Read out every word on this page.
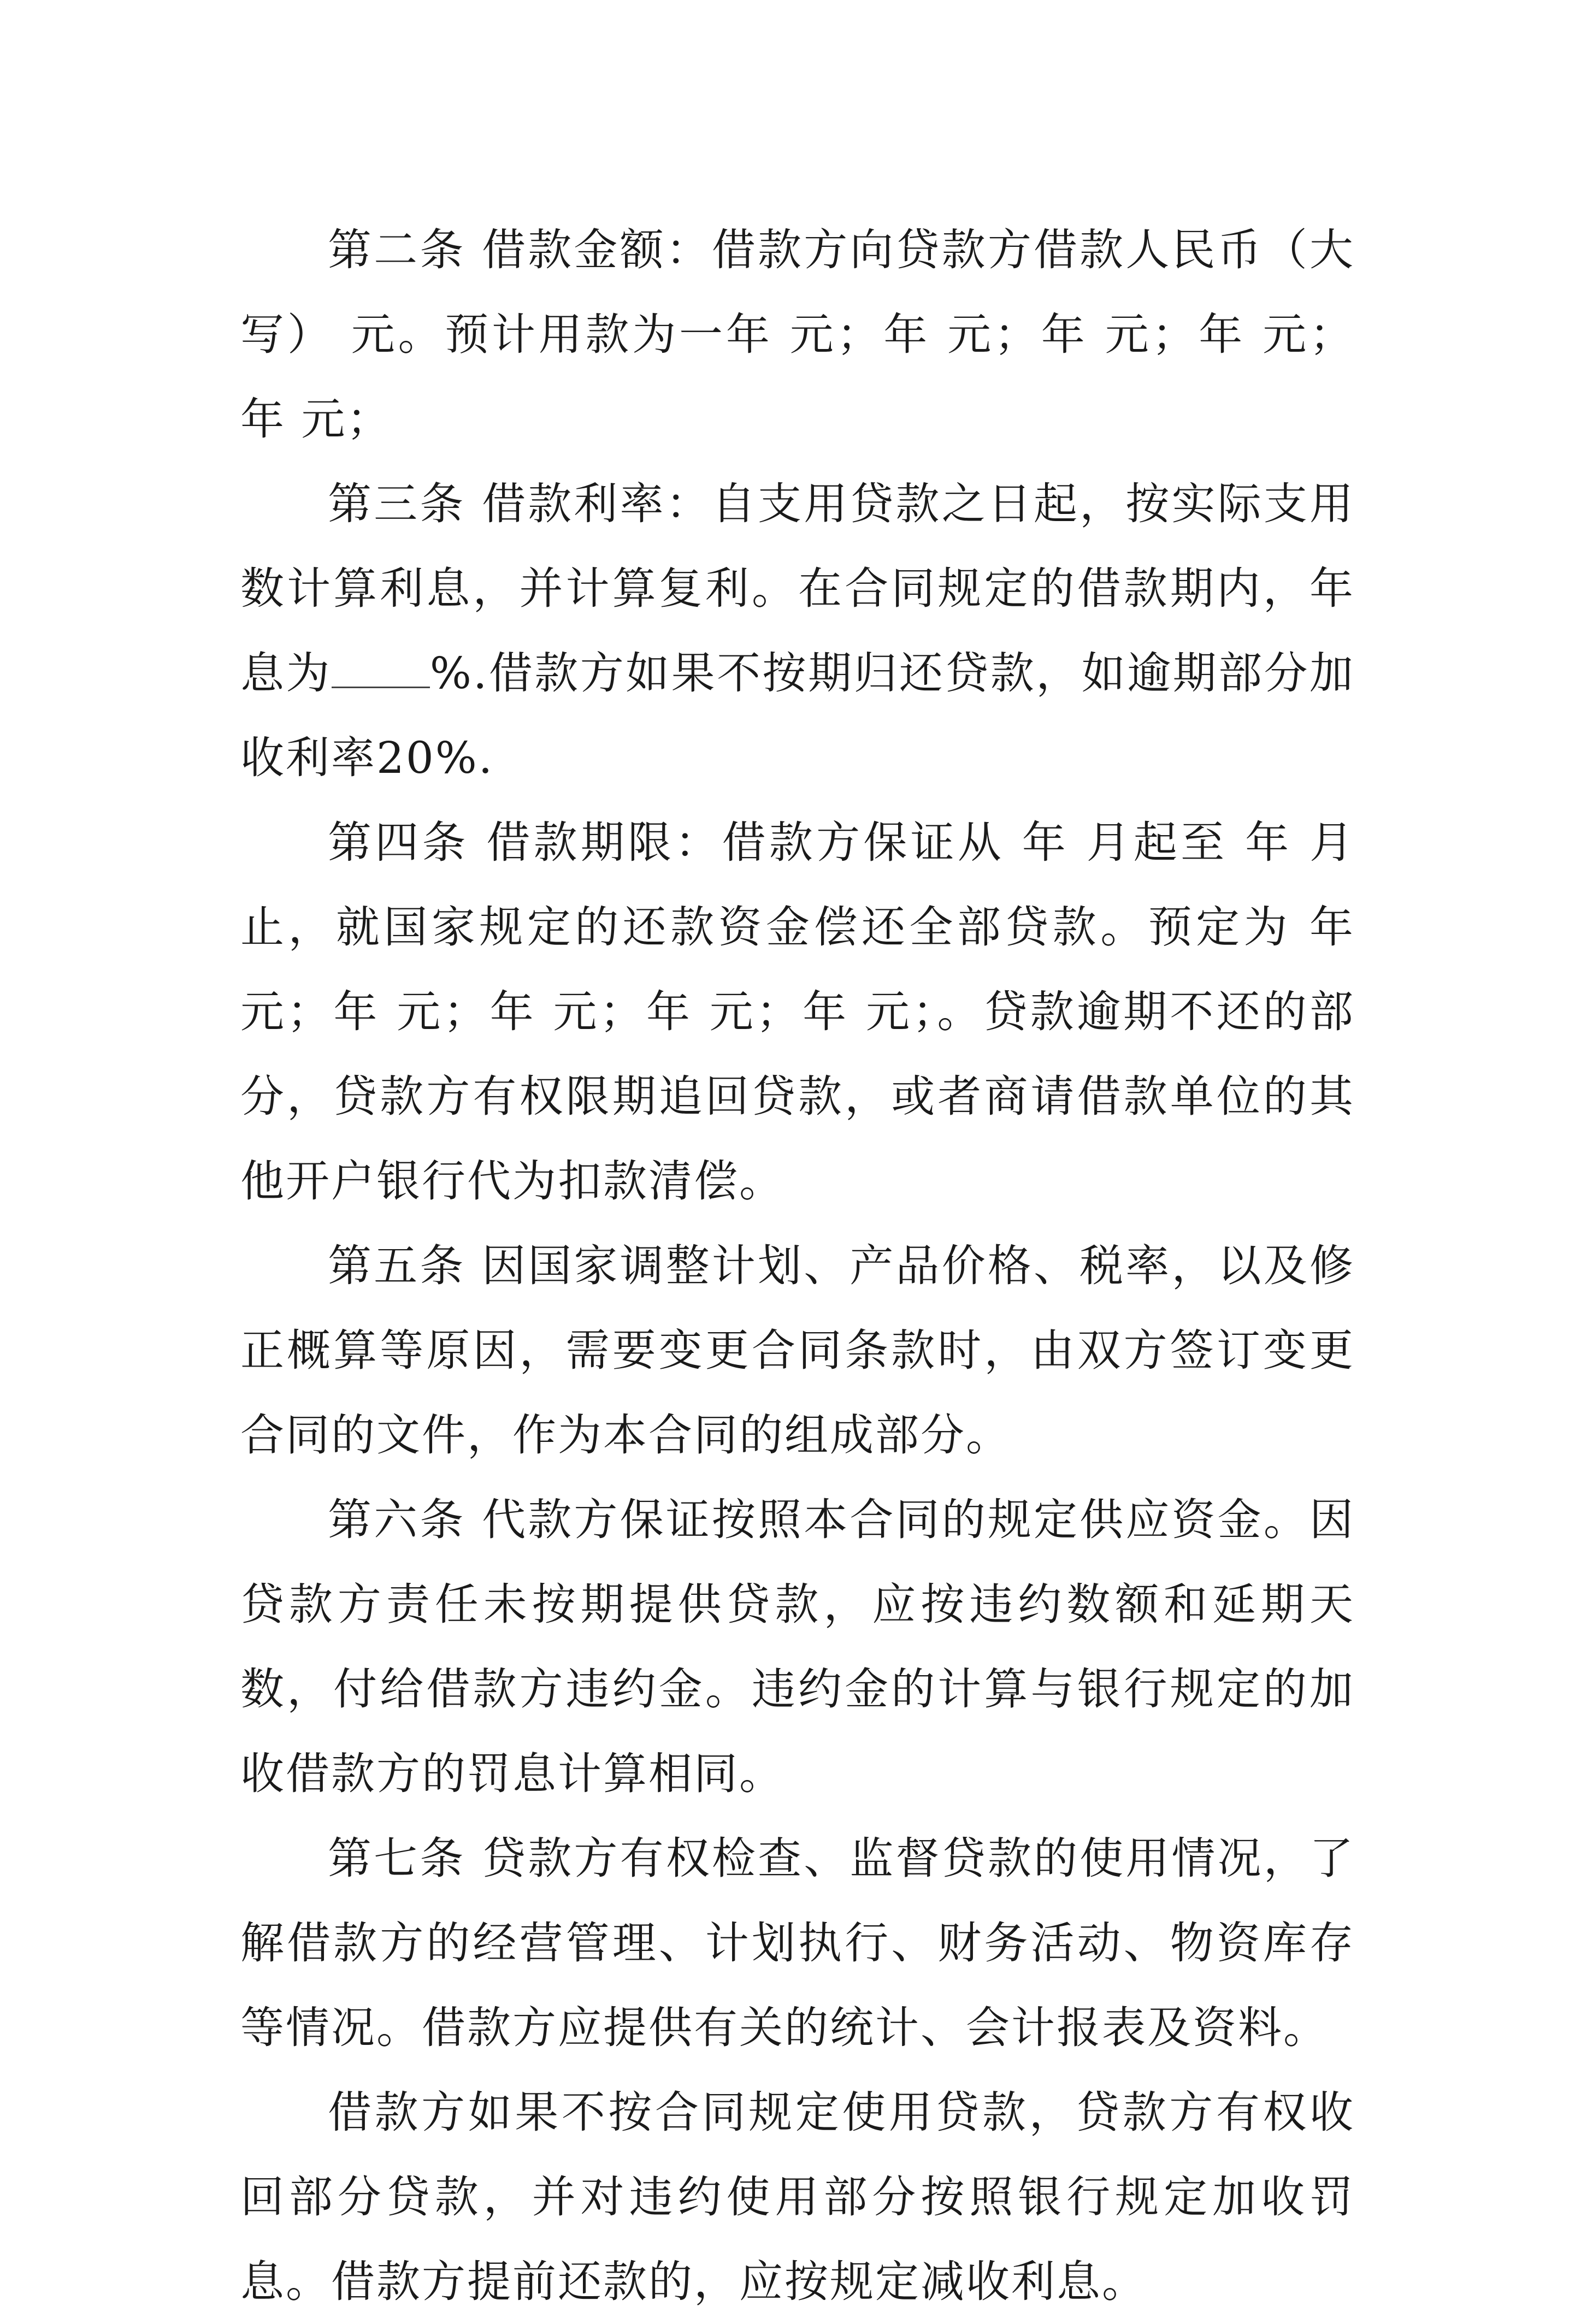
第二条 借款金额：借款方向贷款方借款人民币（大写） 元。预计用款为一年 元；年 元；年 元；年 元；年 元；

第三条 借款利率：自支用贷款之日起，按实际支用数计算利息，并计算复利。在合同规定的借款期内，年息为 %.借款方如果不按期归还贷款，如逾期部分加收利率20%.

第四条 借款期限：借款方保证从 年 月起至 年 月止，就国家规定的还款资金偿还全部贷款。预定为 年 元；年 元；年 元；年 元；年 元；。贷款逾期不还的部分，贷款方有权限期追回贷款，或者商请借款单位的其他开户银行代为扣款清偿。

第五条 因国家调整计划、产品价格、税率，以及修正概算等原因，需要变更合同条款时，由双方签订变更合同的文件，作为本合同的组成部分。

第六条 代款方保证按照本合同的规定供应资金。因贷款方责任未按期提供贷款，应按违约数额和延期天数，付给借款方违约金。违约金的计算与银行规定的加收借款方的罚息计算相同。

第七条 贷款方有权检查、监督贷款的使用情况，了解借款方的经营管理、计划执行、财务活动、物资库存等情况。借款方应提供有关的统计、会计报表及资料。

借款方如果不按合同规定使用贷款，贷款方有权收回部分贷款，并对违约使用部分按照银行规定加收罚息。借款方提前还款的，应按规定减收利息。
